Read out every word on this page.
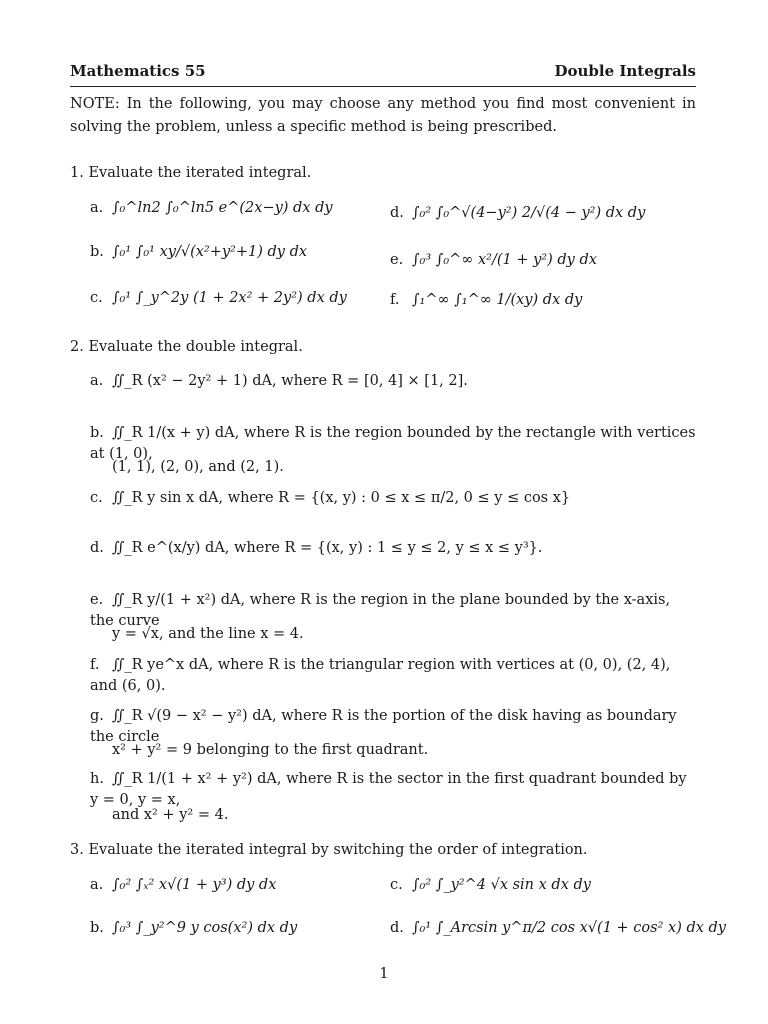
Mathematics 55	Double Integrals
NOTE: In the following, you may choose any method you find most convenient in solving the problem, unless a specific method is being prescribed.
1. Evaluate the iterated integral.
a. ∫₀^ln2 ∫₀^ln5 e^(2x−y) dx dy
b. ∫₀¹ ∫₀¹ xy/√(x²+y²+1) dy dx
c. ∫₀¹ ∫_y^2y (1 + 2x² + 2y²) dx dy
d. ∫₀² ∫₀^√(4−y²) 2/√(4 − y²) dx dy
e. ∫₀³ ∫₀^∞ x²/(1 + y²) dy dx
f. ∫₁^∞ ∫₁^∞ 1/(xy) dx dy
2. Evaluate the double integral.
a. ∬_R (x² − 2y² + 1) dA, where R = [0, 4] × [1, 2].
b. ∬_R 1/(x + y) dA, where R is the region bounded by the rectangle with vertices at (1, 0),
(1, 1), (2, 0), and (2, 1).
c. ∬_R y sin x dA, where R = {(x, y) : 0 ≤ x ≤ π/2, 0 ≤ y ≤ cos x}
d. ∬_R e^(x/y) dA, where R = {(x, y) : 1 ≤ y ≤ 2, y ≤ x ≤ y³}.
e. ∬_R y/(1 + x²) dA, where R is the region in the plane bounded by the x-axis, the curve
y = √x, and the line x = 4.
f. ∬_R ye^x dA, where R is the triangular region with vertices at (0, 0), (2, 4), and (6, 0).
g. ∬_R √(9 − x² − y²) dA, where R is the portion of the disk having as boundary the circle
x² + y² = 9 belonging to the first quadrant.
h. ∬_R 1/(1 + x² + y²) dA, where R is the sector in the first quadrant bounded by y = 0, y = x,
and x² + y² = 4.
3. Evaluate the iterated integral by switching the order of integration.
a. ∫₀² ∫ₓ² x√(1 + y³) dy dx
b. ∫₀³ ∫_y²^9 y cos(x²) dx dy
c. ∫₀² ∫_y²^4 √x sin x dx dy
d. ∫₀¹ ∫_Arcsin y^π/2 cos x√(1 + cos² x) dx dy
1
